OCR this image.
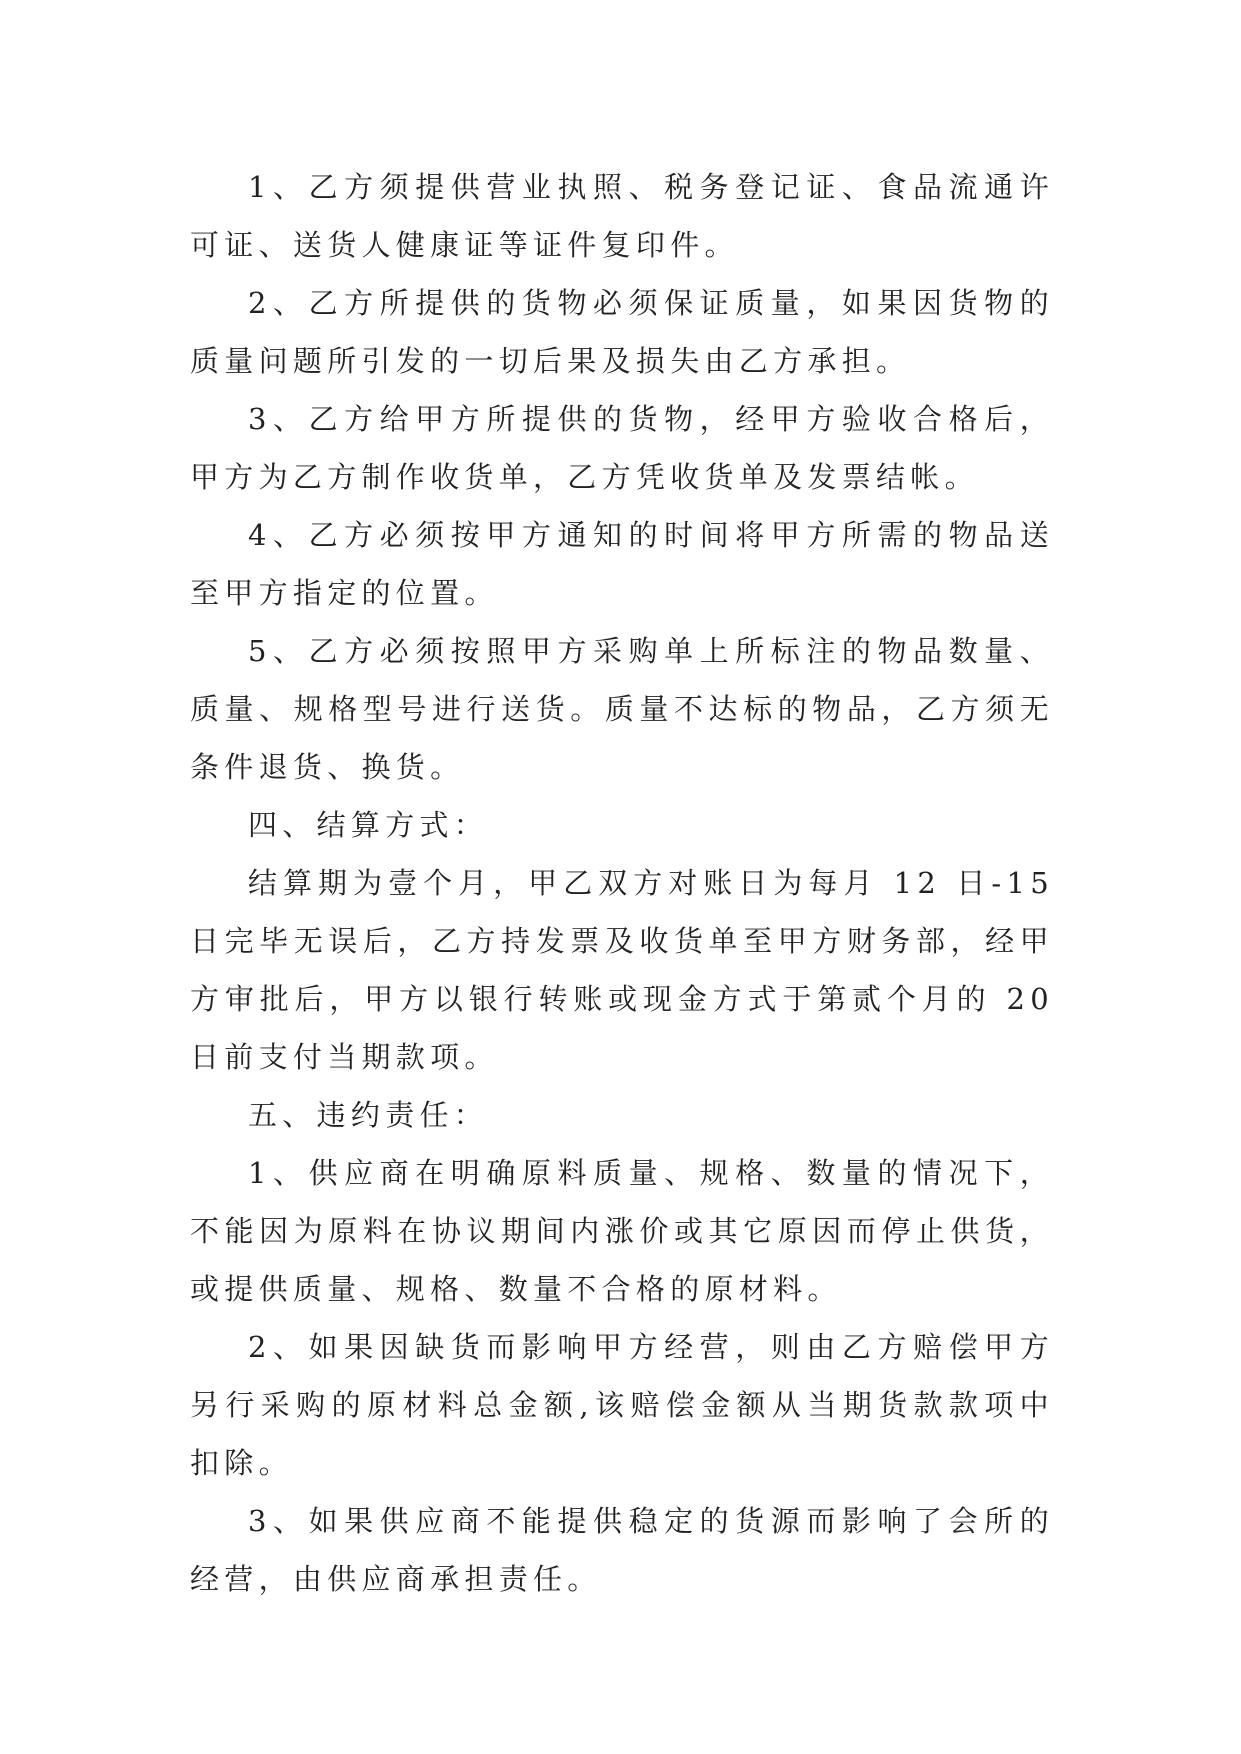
1、乙方须提供营业执照、税务登记证、食品流通许可证、送货人健康证等证件复印件。

2、乙方所提供的货物必须保证质量，如果因货物的质量问题所引发的一切后果及损失由乙方承担。

3、乙方给甲方所提供的货物，经甲方验收合格后，甲方为乙方制作收货单，乙方凭收货单及发票结帐。

4、乙方必须按甲方通知的时间将甲方所需的物品送至甲方指定的位置。

5、乙方必须按照甲方采购单上所标注的物品数量、质量、规格型号进行送货。质量不达标的物品，乙方须无条件退货、换货。

四、结算方式：

结算期为壹个月，甲乙双方对账日为每月 12 日-15 日完毕无误后，乙方持发票及收货单至甲方财务部，经甲方审批后，甲方以银行转账或现金方式于第贰个月的 20 日前支付当期款项。

五、违约责任：

1、供应商在明确原料质量、规格、数量的情况下，不能因为原料在协议期间内涨价或其它原因而停止供货，或提供质量、规格、数量不合格的原材料。

2、如果因缺货而影响甲方经营，则由乙方赔偿甲方另行采购的原材料总金额,该赔偿金额从当期货款款项中扣除。

3、如果供应商不能提供稳定的货源而影响了会所的经营，由供应商承担责任。
